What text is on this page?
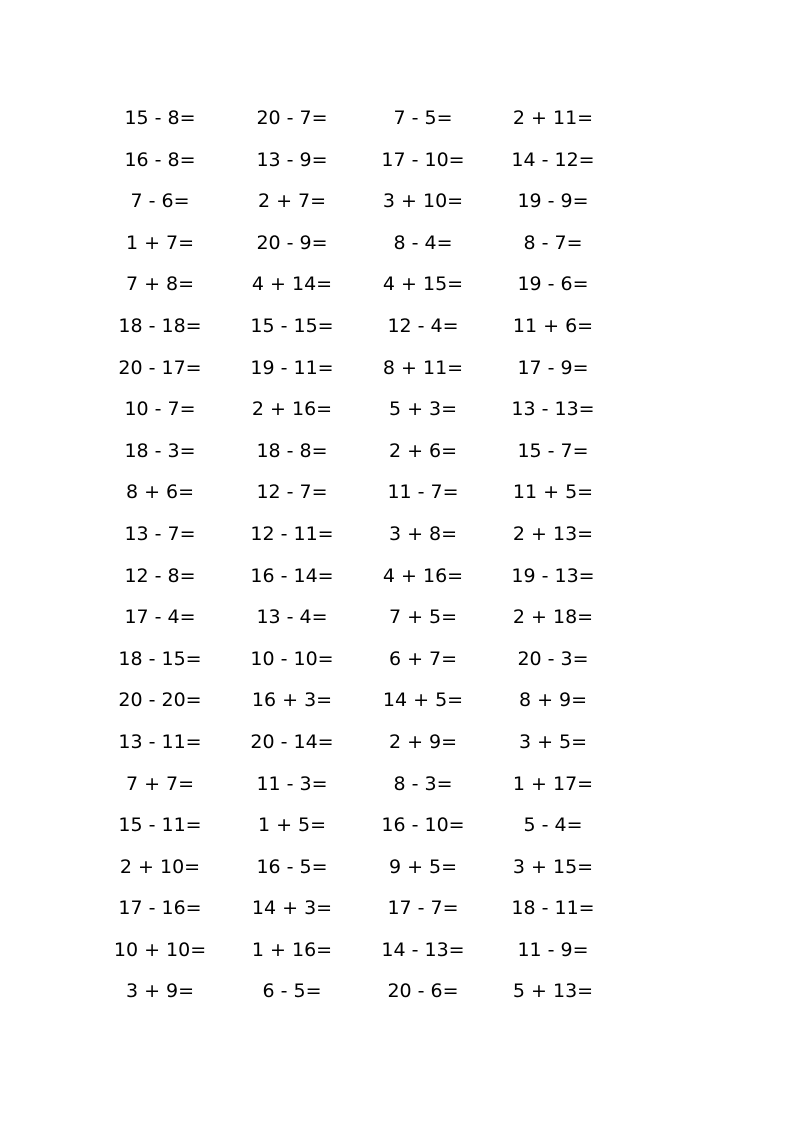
15 - 8=	20 - 7=	7 - 5=	2 + 11=
16 - 8=	13 - 9=	17 - 10=	14 - 12=
7 - 6=	2 + 7=	3 + 10=	19 - 9=
1 + 7=	20 - 9=	8 - 4=	8 - 7=
7 + 8=	4 + 14=	4 + 15=	19 - 6=
18 - 18=	15 - 15=	12 - 4=	11 + 6=
20 - 17=	19 - 11=	8 + 11=	17 - 9=
10 - 7=	2 + 16=	5 + 3=	13 - 13=
18 - 3=	18 - 8=	2 + 6=	15 - 7=
8 + 6=	12 - 7=	11 - 7=	11 + 5=
13 - 7=	12 - 11=	3 + 8=	2 + 13=
12 - 8=	16 - 14=	4 + 16=	19 - 13=
17 - 4=	13 - 4=	7 + 5=	2 + 18=
18 - 15=	10 - 10=	6 + 7=	20 - 3=
20 - 20=	16 + 3=	14 + 5=	8 + 9=
13 - 11=	20 - 14=	2 + 9=	3 + 5=
7 + 7=	11 - 3=	8 - 3=	1 + 17=
15 - 11=	1 + 5=	16 - 10=	5 - 4=
2 + 10=	16 - 5=	9 + 5=	3 + 15=
17 - 16=	14 + 3=	17 - 7=	18 - 11=
10 + 10=	1 + 16=	14 - 13=	11 - 9=
3 + 9=	6 - 5=	20 - 6=	5 + 13=
